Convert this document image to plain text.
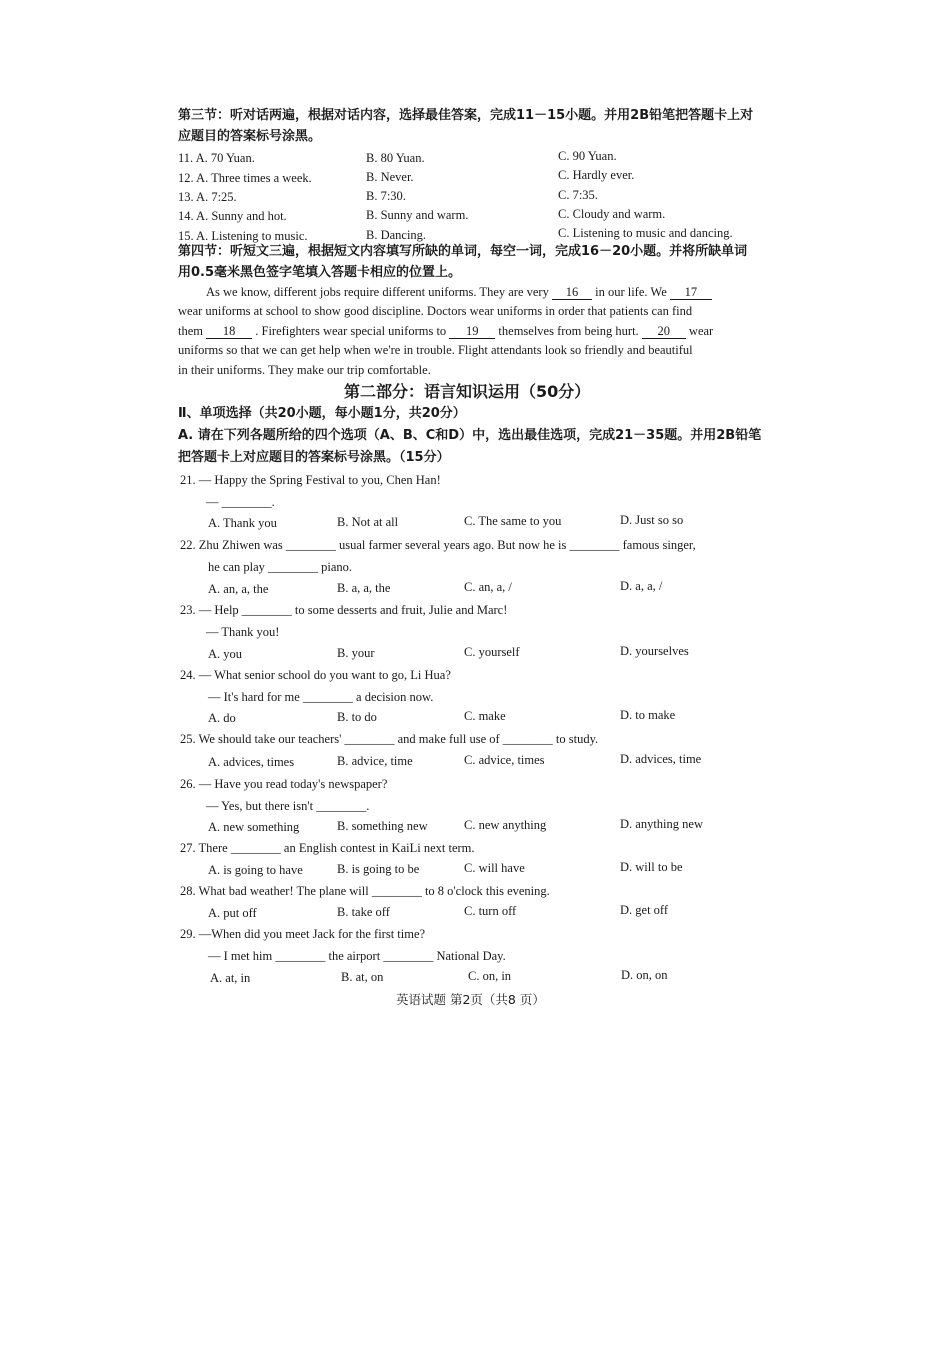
第三节：听对话两遍，根据对话内容，选择最佳答案，完成11－15小题。并用2B铅笔把答题卡上对
应题目的答案标号涂黑。
11. A. 70 Yuan.	B. 80 Yuan.	C. 90 Yuan.
12. A. Three times a week.	B. Never.	C. Hardly ever.
13. A. 7:25.	B. 7:30.	C. 7:35.
14. A. Sunny and hot.	B. Sunny and warm.	C. Cloudy and warm.
15. A. Listening to music.	B. Dancing.	C. Listening to music and dancing.
第四节：听短文三遍，根据短文内容填写所缺的单词，每空一词，完成16－20小题。并将所缺单词
用0.5毫米黑色签字笔填入答题卡相应的位置上。
As we know, different jobs require different uniforms. They are very 16 in our life. We 17
wear uniforms at school to show good discipline. Doctors wear uniforms in order that patients can find
them 18 . Firefighters wear special uniforms to 19 themselves from being hurt. 20 wear
uniforms so that we can get help when we're in trouble. Flight attendants look so friendly and beautiful
in their uniforms. They make our trip comfortable.
第二部分：语言知识运用（50分）
Ⅱ、单项选择（共20小题，每小题1分，共20分）
A. 请在下列各题所给的四个选项（A、B、C和D）中，选出最佳选项，完成21－35题。并用2B铅笔
把答题卡上对应题目的答案标号涂黑。（15分）
21. — Happy the Spring Festival to you, Chen Han!
— ________.
A. Thank you	B. Not at all	C. The same to you	D. Just so so
22. Zhu Zhiwen was ________ usual farmer several years ago. But now he is ________ famous singer,
he can play ________ piano.
A. an, a, the	B. a, a, the	C. an, a, /	D. a, a, /
23. — Help ________ to some desserts and fruit, Julie and Marc!
— Thank you!
A. you	B. your	C. yourself	D. yourselves
24. — What senior school do you want to go, Li Hua?
— It's hard for me ________ a decision now.
A. do	B. to do	C. make	D. to make
25. We should take our teachers' ________ and make full use of ________ to study.
A. advices, times	B. advice, time	C. advice, times	D. advices, time
26. — Have you read today's newspaper?
— Yes, but there isn't ________.
A. new something	B. something new	C. new anything	D. anything new
27. There ________ an English contest in KaiLi next term.
A. is going to have	B. is going to be	C. will have	D. will to be
28. What bad weather! The plane will ________ to 8 o'clock this evening.
A. put off	B. take off	C. turn off	D. get off
29. —When did you meet Jack for the first time?
— I met him ________ the airport ________ National Day.
A. at, in	B. at, on	C. on, in	D. on, on
英语试题 第2页（共8 页）
